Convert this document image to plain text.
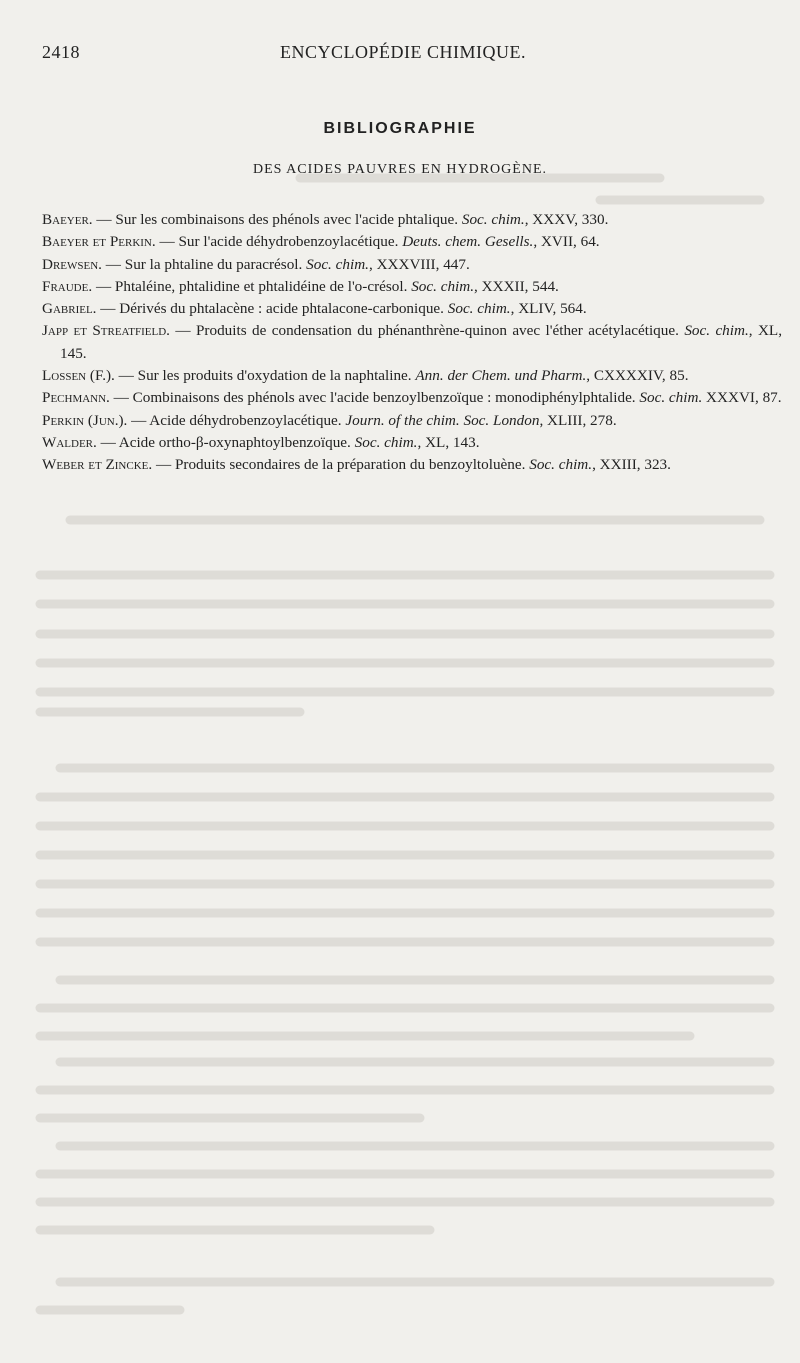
2418	ENCYCLOPÉDIE CHIMIQUE.
BIBLIOGRAPHIE
DES ACIDES PAUVRES EN HYDROGÈNE.
Baeyer. — Sur les combinaisons des phénols avec l'acide phtalique. Soc. chim., XXXV, 330.
Baeyer et Perkin. — Sur l'acide déhydrobenzoylacétique. Deuts. chem. Gesells., XVII, 64.
Drewsen. — Sur la phtaline du paracrésol. Soc. chim., XXXVIII, 447.
Fraude. — Phtaléine, phtalidine et phtalidéine de l'o-crésol. Soc. chim., XXXII, 544.
Gabriel. — Dérivés du phtalacène : acide phtalacone-carbonique. Soc. chim., XLIV, 564.
Japp et Streatfield. — Produits de condensation du phénanthrène-quinon avec l'éther acétylacétique. Soc. chim., XL, 145.
Lossen (F.). — Sur les produits d'oxydation de la naphtaline. Ann. der Chem. und Pharm., CXXXXIV, 85.
Pechmann. — Combinaisons des phénols avec l'acide benzoylbenzoïque : monodiphénylphtalide. Soc. chim. XXXVI, 87.
Perkin (Jun.). — Acide déhydrobenzoylacétique. Journ. of the chim. Soc. London, XLIII, 278.
Walder. — Acide ortho-β-oxynaphtoylbenzoïque. Soc. chim., XL, 143.
Weber et Zincke. — Produits secondaires de la préparation du benzoyltoluène. Soc. chim., XXIII, 323.
